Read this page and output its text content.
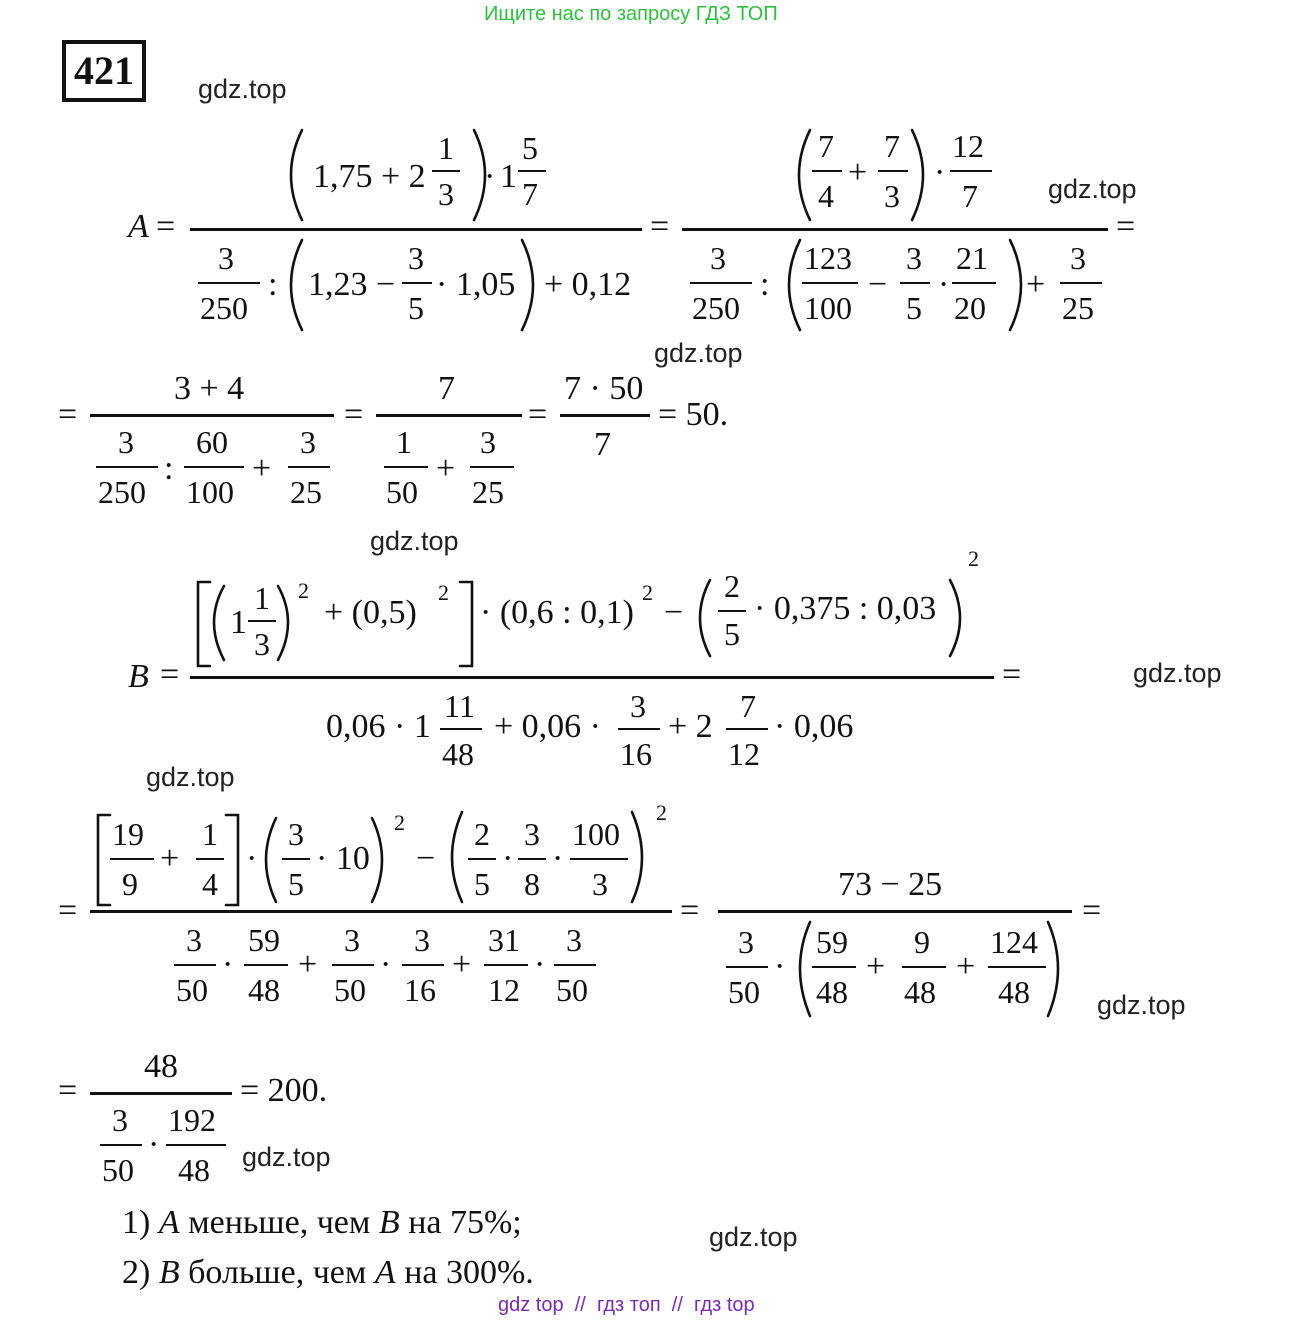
Ищите нас по запросу ГДЗ ТОП
421	gdz.top
gdz.top
gdz.top
gdz.top
gdz.top
gdz.top
gdz.top
gdz.top
gdz.top
A =
1,75 + 2
1
3 · 1
5
7
3
250
: 1,23 −
3
5
· 1,05 + 0,12
=
7
4
+
7
3
·
12
7
3
250
:
123
100
−
3
5
·
21
20
+
3
25
=
=
3 + 4
3
250
:
60
100
+
3
25
=
7
1
50
+
3
25
=
7 · 50
7
= 50.
B =
1
1
3
2
+ (0,5)
2
· (0,6 : 0,1)
2
−
2
5
· 0,375 : 0,03
2
0,06 · 1
11
48
+ 0,06 ·
3
16
+ 2
7
12
· 0,06
=
=
19
9
+
1
4
·
3
5
· 10
2
−
2
5
·
3
8
·
100
3
2
3
50
·
59
48
+
3
50
·
3
16
+
31
12
·
3
50
=
73 − 25
3
50
·
59
48
+
9
48
+
124
48
=
=
48
3
50
·
192
48
= 200.
1) A меньше, чем B на 75%;
2) B больше, чем A на 300%.
gdz top // гдз топ // гдз top
